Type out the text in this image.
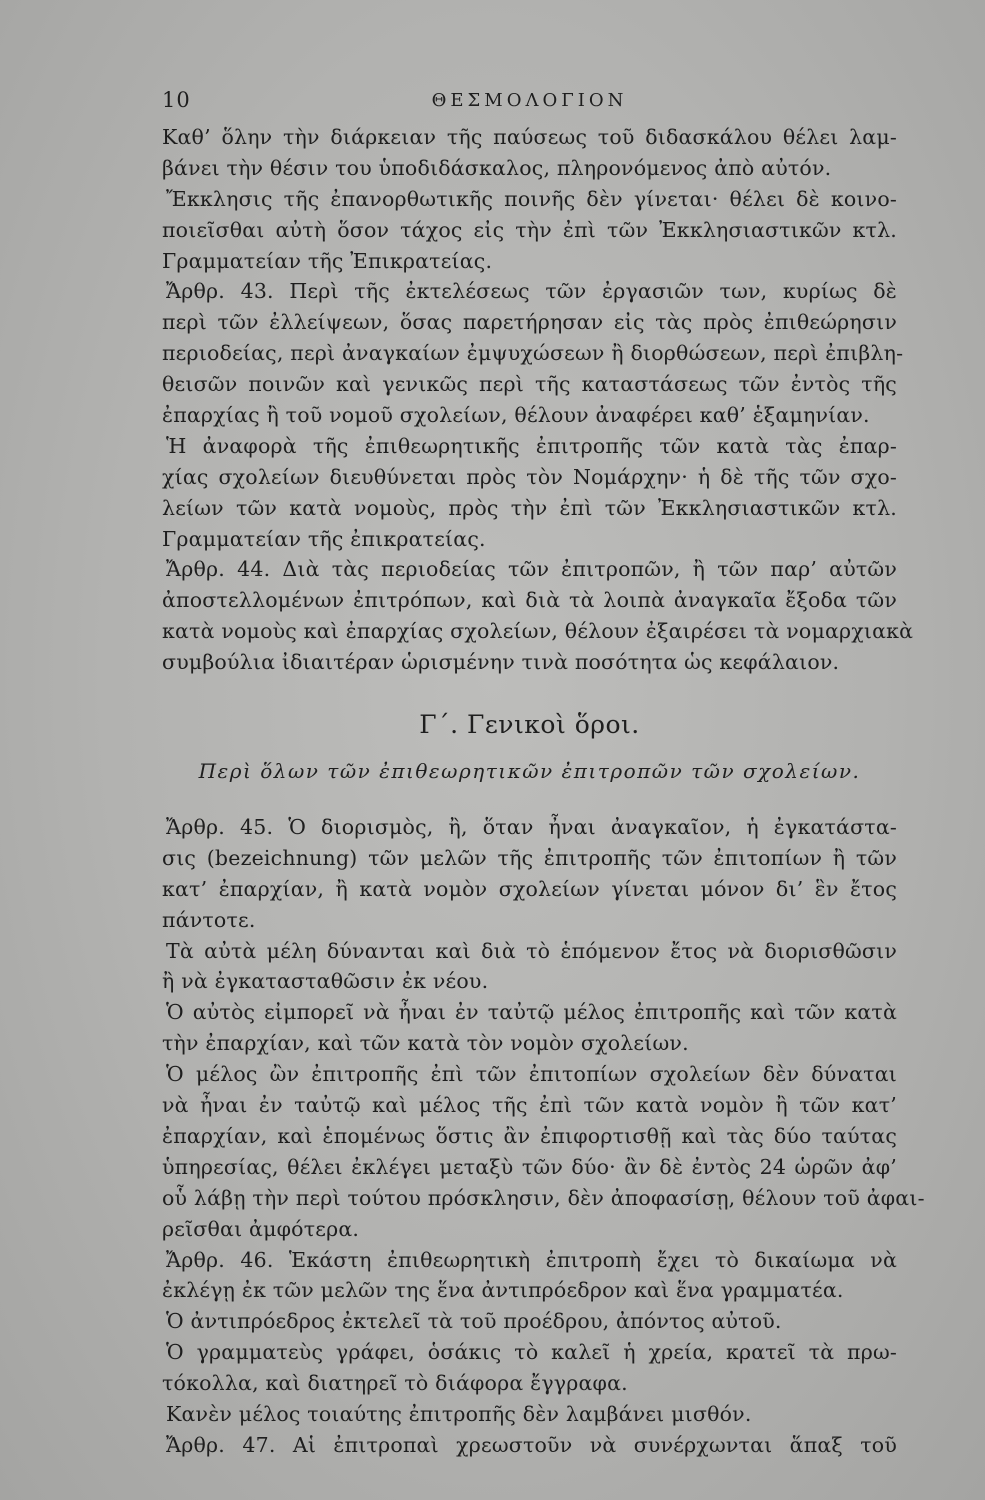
10	ΘΕΣΜΟΛΟΓΙΟΝ
Καθ’ ὅλην τὴν διάρκειαν τῆς παύσεως τοῦ διδασκάλου θέλει λαμ-
βάνει τὴν θέσιν του ὑποδιδάσκαλος, πληρονόμενος ἀπὸ αὐτόν.
Ἔκκλησις τῆς ἐπανορθωτικῆς ποινῆς δὲν γίνεται· θέλει δὲ κοινο-
ποιεῖσθαι αὐτὴ ὅσον τάχος εἰς τὴν ἐπὶ τῶν Ἐκκλησιαστικῶν κτλ.
Γραμματείαν τῆς Ἐπικρατείας.
Ἄρθρ. 43. Περὶ τῆς ἐκτελέσεως τῶν ἐργασιῶν των, κυρίως δὲ
περὶ τῶν ἐλλείψεων, ὅσας παρετήρησαν εἰς τὰς πρὸς ἐπιθεώρησιν
περιοδείας, περὶ ἀναγκαίων ἐμψυχώσεων ἢ διορθώσεων, περὶ ἐπιβλη-
θεισῶν ποινῶν καὶ γενικῶς περὶ τῆς καταστάσεως τῶν ἐντὸς τῆς
ἐπαρχίας ἢ τοῦ νομοῦ σχολείων, θέλουν ἀναφέρει καθ’ ἑξαμηνίαν.
Ἡ ἀναφορὰ τῆς ἐπιθεωρητικῆς ἐπιτροπῆς τῶν κατὰ τὰς ἐπαρ-
χίας σχολείων διευθύνεται πρὸς τὸν Νομάρχην· ἡ δὲ τῆς τῶν σχο-
λείων τῶν κατὰ νομοὺς, πρὸς τὴν ἐπὶ τῶν Ἐκκλησιαστικῶν κτλ.
Γραμματείαν τῆς ἐπικρατείας.
Ἄρθρ. 44. Διὰ τὰς περιοδείας τῶν ἐπιτροπῶν, ἢ τῶν παρ’ αὐτῶν
ἀποστελλομένων ἐπιτρόπων, καὶ διὰ τὰ λοιπὰ ἀναγκαῖα ἔξοδα τῶν
κατὰ νομοὺς καὶ ἐπαρχίας σχολείων, θέλουν ἐξαιρέσει τὰ νομαρχιακὰ
συμβούλια ἰδιαιτέραν ὡρισμένην τινὰ ποσότητα ὡς κεφάλαιον.
Γ΄. Γενικοὶ ὅροι.
Περὶ ὅλων τῶν ἐπιθεωρητικῶν ἐπιτροπῶν τῶν σχολείων.
Ἄρθρ. 45. Ὁ διορισμὸς, ἢ, ὅταν ἦναι ἀναγκαῖον, ἡ ἐγκατάστα-
σις (bezeichnung) τῶν μελῶν τῆς ἐπιτροπῆς τῶν ἐπιτοπίων ἢ τῶν
κατ’ ἐπαρχίαν, ἢ κατὰ νομὸν σχολείων γίνεται μόνον δι’ ἓν ἔτος
πάντοτε.
Τὰ αὐτὰ μέλη δύνανται καὶ διὰ τὸ ἑπόμενον ἔτος νὰ διορισθῶσιν
ἢ νὰ ἐγκατασταθῶσιν ἐκ νέου.
Ὁ αὐτὸς εἰμπορεῖ νὰ ἦναι ἐν ταὐτῷ μέλος ἐπιτροπῆς καὶ τῶν κατὰ
τὴν ἐπαρχίαν, καὶ τῶν κατὰ τὸν νομὸν σχολείων.
Ὁ μέλος ὢν ἐπιτροπῆς ἐπὶ τῶν ἐπιτοπίων σχολείων δὲν δύναται
νὰ ἦναι ἐν ταὐτῷ καὶ μέλος τῆς ἐπὶ τῶν κατὰ νομὸν ἢ τῶν κατ’
ἐπαρχίαν, καὶ ἑπομένως ὅστις ἂν ἐπιφορτισθῇ καὶ τὰς δύο ταύτας
ὑπηρεσίας, θέλει ἐκλέγει μεταξὺ τῶν δύο· ἂν δὲ ἐντὸς 24 ὡρῶν ἀφ’
οὗ λάβῃ τὴν περὶ τούτου πρόσκλησιν, δὲν ἀποφασίσῃ, θέλουν τοῦ ἀφαι-
ρεῖσθαι ἀμφότερα.
Ἄρθρ. 46. Ἑκάστη ἐπιθεωρητικὴ ἐπιτροπὴ ἔχει τὸ δικαίωμα νὰ
ἐκλέγῃ ἐκ τῶν μελῶν της ἕνα ἀντιπρόεδρον καὶ ἕνα γραμματέα.
Ὁ ἀντιπρόεδρος ἐκτελεῖ τὰ τοῦ προέδρου, ἀπόντος αὐτοῦ.
Ὁ γραμματεὺς γράφει, ὁσάκις τὸ καλεῖ ἡ χρεία, κρατεῖ τὰ πρω-
τόκολλα, καὶ διατηρεῖ τὸ διάφορα ἔγγραφα.
Κανὲν μέλος τοιαύτης ἐπιτροπῆς δὲν λαμβάνει μισθόν.
Ἄρθρ. 47. Αἱ ἐπιτροπαὶ χρεωστοῦν νὰ συνέρχωνται ἅπαξ τοῦ
